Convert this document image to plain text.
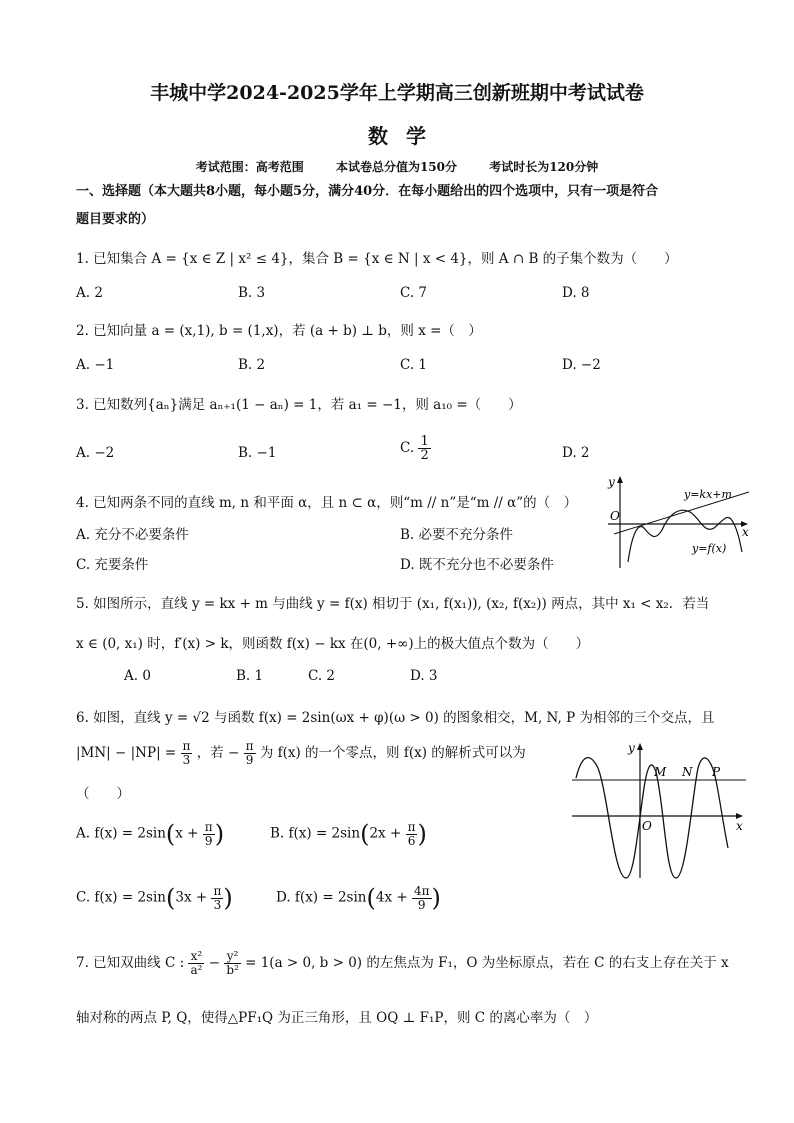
丰城中学2024-2025学年上学期高三创新班期中考试试卷
数学
考试范围：高考范围	本试卷总分值为150分	考试时长为120分钟
一、选择题（本大题共8小题，每小题5分，满分40分．在每小题给出的四个选项中，只有一项是符合
题目要求的）
1. 已知集合 A = {x ∈ Z | x² ≤ 4}，集合 B = {x ∈ N | x < 4}，则 A ∩ B 的子集个数为（　　）
A. 2	B. 3	C. 7	D. 8
2. 已知向量 a = (x,1), b = (1,x)，若 (a + b) ⊥ b，则 x =（　）
A. −1	B. 2	C. 1	D. −2
3. 已知数列{aₙ}满足 aₙ₊₁(1 − aₙ) = 1，若 a₁ = −1，则 a₁₀ =（　　）
A. −2	B. −1	C. $\frac{1}{2}$	D. 2
4. 已知两条不同的直线 m, n 和平面 α，且 n ⊂ α，则“m // n”是“m // α”的（　）
A. 充分不必要条件	B. 必要不充分条件
C. 充要条件	D. 既不充分也不必要条件
y
x
O
y=kx+m
y=f(x)
5. 如图所示，直线 y = kx + m 与曲线 y = f(x) 相切于 (x₁, f(x₁)), (x₂, f(x₂)) 两点，其中 x₁ < x₂．若当
x ∈ (0, x₁) 时，f′(x) > k，则函数 f(x) − kx 在(0, +∞)上的极大值点个数为（　　）
A. 0	B. 1	C. 2	D. 3
6. 如图，直线 y = √2 与函数 f(x) = 2sin(ωx + φ)(ω > 0) 的图象相交，M, N, P 为相邻的三个交点，且
$|MN| - |NP| = \frac{\pi}{3}$ ，若 − $\frac{\pi}{9}$ 为 f(x) 的一个零点，则 f(x) 的解析式可以为
（　　）
A. $f(x) = 2\sin(x + \frac{\pi}{9}$ )	B. $f(x) = 2\sin(2x + \frac{\pi}{6}$ )
C. $f(x) = 2\sin(3x + \frac{\pi}{3}$ )	D. $f(x) = 2\sin(4x + \frac{4\pi}{9}$ )
y
x
O
M N P
7. 已知双曲线 C : $\frac{\text{x²}}{\text{a²}} - \frac{\text{y²}}{\text{b²}} = 1(a > 0$, b > 0) 的左焦点为 F₁，O 为坐标原点，若在 C 的右支上存在关于 x
轴对称的两点 P, Q，使得△PF₁Q 为正三角形，且 OQ ⊥ F₁P，则 C 的离心率为（　）
